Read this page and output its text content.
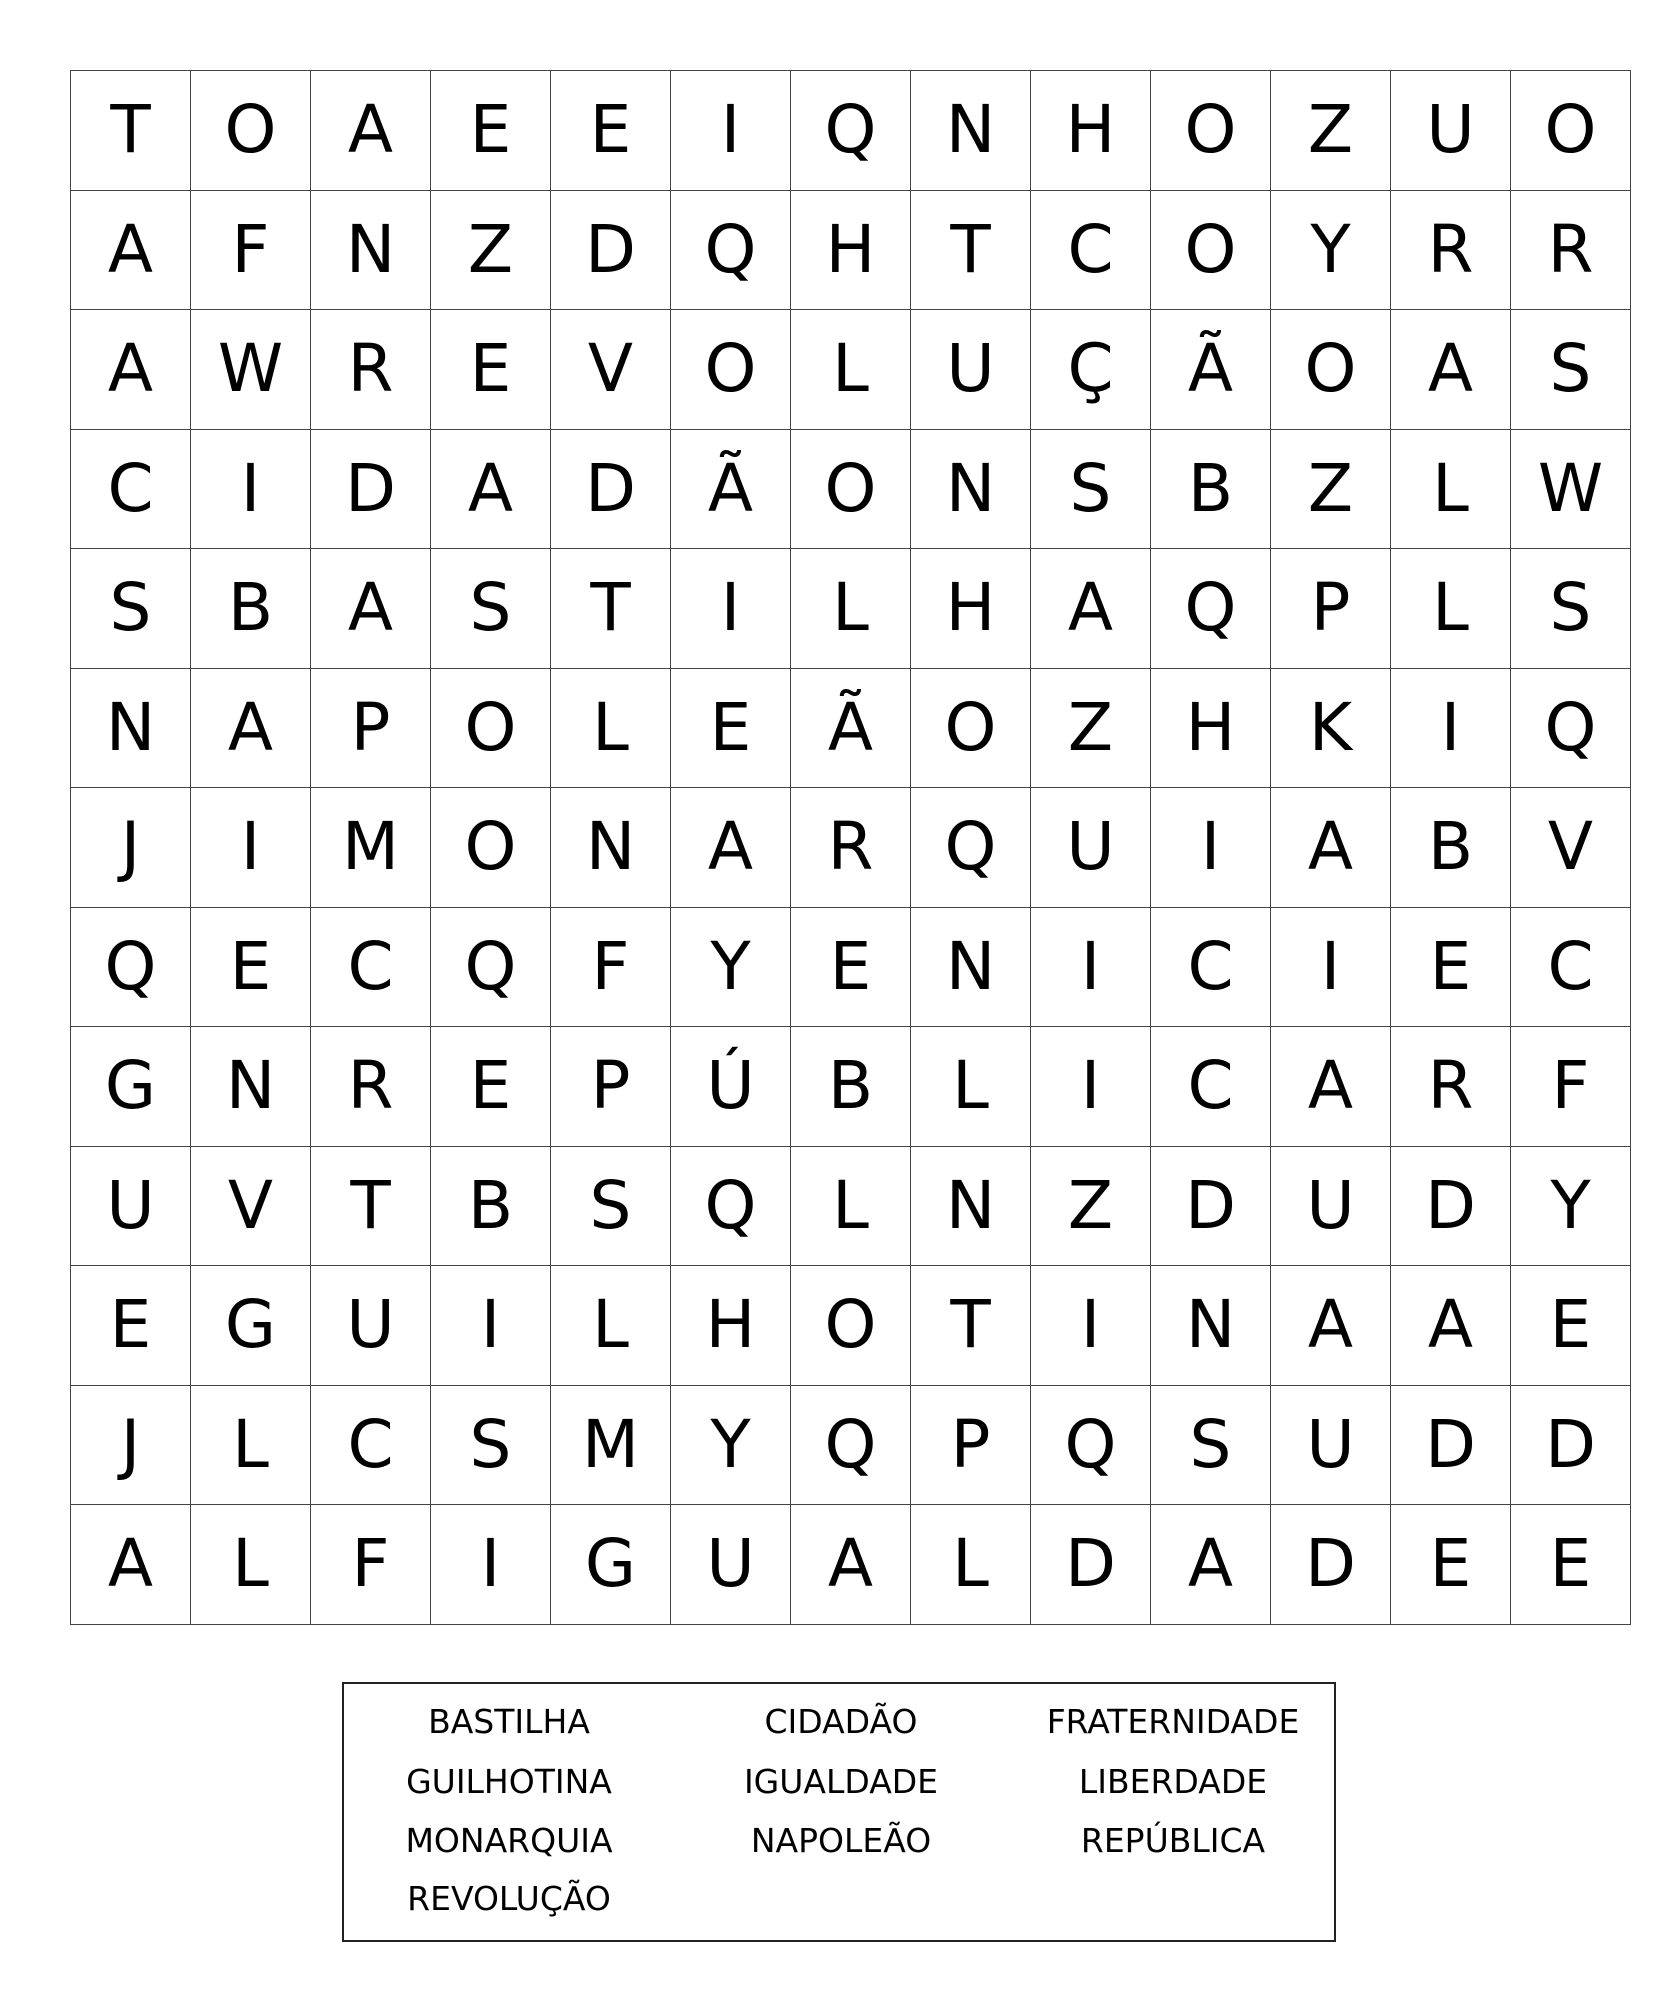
T	O	A	E	E	I	Q	N	H	O	Z	U	O
A	F	N	Z	D	Q	H	T	C	O	Y	R	R
A	W	R	E	V	O	L	U	Ç	Ã	O	A	S
C	I	D	A	D	Ã	O	N	S	B	Z	L	W
S	B	A	S	T	I	L	H	A	Q	P	L	S
N	A	P	O	L	E	Ã	O	Z	H	K	I	Q
J	I	M	O	N	A	R	Q	U	I	A	B	V
Q	E	C	Q	F	Y	E	N	I	C	I	E	C
G	N	R	E	P	Ú	B	L	I	C	A	R	F
U	V	T	B	S	Q	L	N	Z	D	U	D	Y
E	G	U	I	L	H	O	T	I	N	A	A	E
J	L	C	S	M	Y	Q	P	Q	S	U	D	D
A	L	F	I	G	U	A	L	D	A	D	E	E
BASTILHA	CIDADÃO	FRATERNIDADE
GUILHOTINA	IGUALDADE	LIBERDADE
MONARQUIA	NAPOLEÃO	REPÚBLICA
REVOLUÇÃO
